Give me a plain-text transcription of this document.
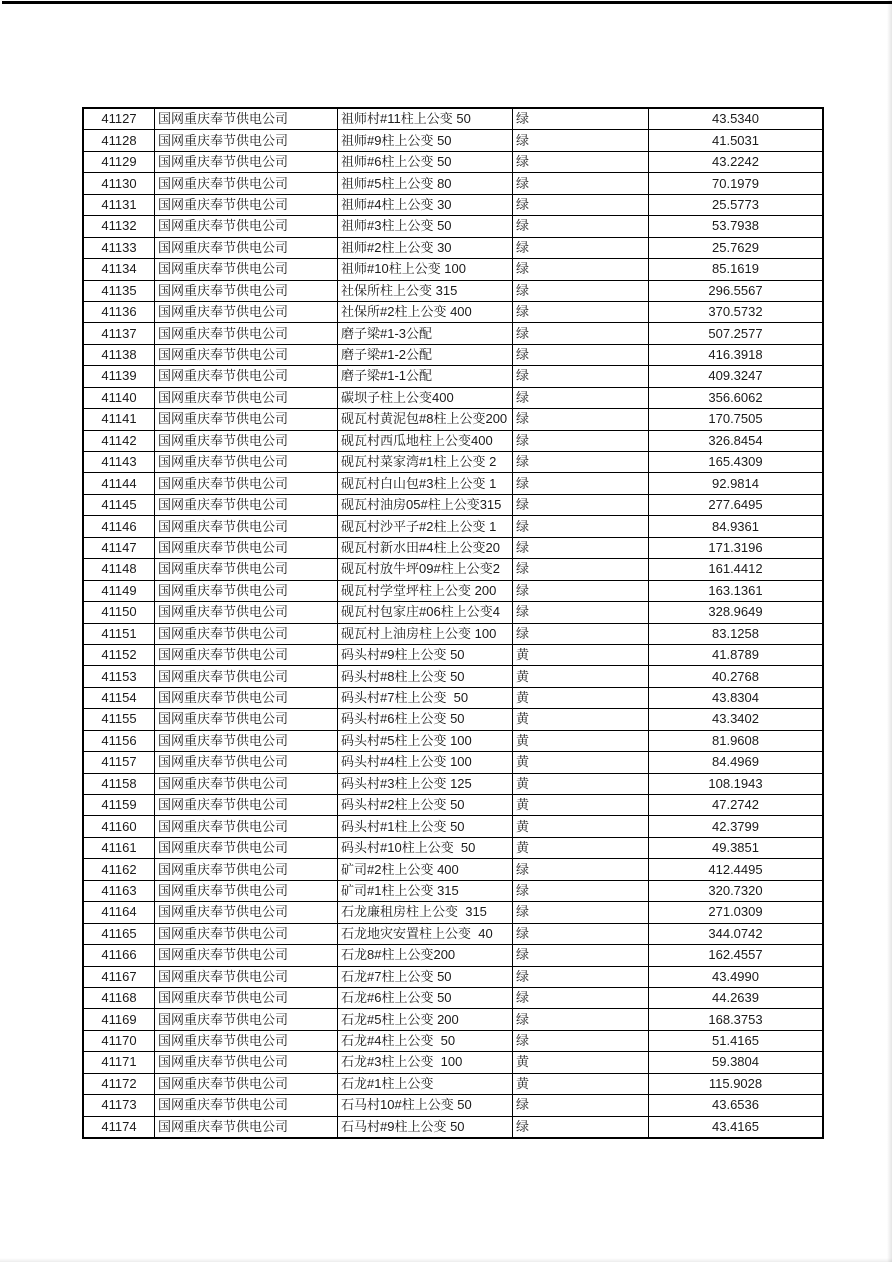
41127	国网重庆奉节供电公司	祖师村#11柱上公变 50	绿	43.5340
41128	国网重庆奉节供电公司	祖师#9柱上公变 50	绿	41.5031
41129	国网重庆奉节供电公司	祖师#6柱上公变 50	绿	43.2242
41130	国网重庆奉节供电公司	祖师#5柱上公变 80	绿	70.1979
41131	国网重庆奉节供电公司	祖师#4柱上公变 30	绿	25.5773
41132	国网重庆奉节供电公司	祖师#3柱上公变 50	绿	53.7938
41133	国网重庆奉节供电公司	祖师#2柱上公变 30	绿	25.7629
41134	国网重庆奉节供电公司	祖师#10柱上公变 100	绿	85.1619
41135	国网重庆奉节供电公司	社保所柱上公变 315	绿	296.5567
41136	国网重庆奉节供电公司	社保所#2柱上公变 400	绿	370.5732
41137	国网重庆奉节供电公司	磨子梁#1-3公配	绿	507.2577
41138	国网重庆奉节供电公司	磨子梁#1-2公配	绿	416.3918
41139	国网重庆奉节供电公司	磨子梁#1-1公配	绿	409.3247
41140	国网重庆奉节供电公司	碳坝子柱上公变400	绿	356.6062
41141	国网重庆奉节供电公司	砚瓦村黄泥包#8柱上公变200	绿	170.7505
41142	国网重庆奉节供电公司	砚瓦村西瓜地柱上公变400	绿	326.8454
41143	国网重庆奉节供电公司	砚瓦村菜家湾#1柱上公变 2	绿	165.4309
41144	国网重庆奉节供电公司	砚瓦村白山包#3柱上公变 1	绿	92.9814
41145	国网重庆奉节供电公司	砚瓦村油房05#柱上公变315	绿	277.6495
41146	国网重庆奉节供电公司	砚瓦村沙平子#2柱上公变 1	绿	84.9361
41147	国网重庆奉节供电公司	砚瓦村新水田#4柱上公变20	绿	171.3196
41148	国网重庆奉节供电公司	砚瓦村放牛坪09#柱上公变2	绿	161.4412
41149	国网重庆奉节供电公司	砚瓦村学堂坪柱上公变 200	绿	163.1361
41150	国网重庆奉节供电公司	砚瓦村包家庄#06柱上公变4	绿	328.9649
41151	国网重庆奉节供电公司	砚瓦村上油房柱上公变 100	绿	83.1258
41152	国网重庆奉节供电公司	码头村#9柱上公变 50	黄	41.8789
41153	国网重庆奉节供电公司	码头村#8柱上公变 50	黄	40.2768
41154	国网重庆奉节供电公司	码头村#7柱上公变  50	黄	43.8304
41155	国网重庆奉节供电公司	码头村#6柱上公变 50	黄	43.3402
41156	国网重庆奉节供电公司	码头村#5柱上公变 100	黄	81.9608
41157	国网重庆奉节供电公司	码头村#4柱上公变 100	黄	84.4969
41158	国网重庆奉节供电公司	码头村#3柱上公变 125	黄	108.1943
41159	国网重庆奉节供电公司	码头村#2柱上公变 50	黄	47.2742
41160	国网重庆奉节供电公司	码头村#1柱上公变 50	黄	42.3799
41161	国网重庆奉节供电公司	码头村#10柱上公变  50	黄	49.3851
41162	国网重庆奉节供电公司	矿司#2柱上公变 400	绿	412.4495
41163	国网重庆奉节供电公司	矿司#1柱上公变 315	绿	320.7320
41164	国网重庆奉节供电公司	石龙廉租房柱上公变  315	绿	271.0309
41165	国网重庆奉节供电公司	石龙地灾安置柱上公变  40	绿	344.0742
41166	国网重庆奉节供电公司	石龙8#柱上公变200	绿	162.4557
41167	国网重庆奉节供电公司	石龙#7柱上公变 50	绿	43.4990
41168	国网重庆奉节供电公司	石龙#6柱上公变 50	绿	44.2639
41169	国网重庆奉节供电公司	石龙#5柱上公变 200	绿	168.3753
41170	国网重庆奉节供电公司	石龙#4柱上公变  50	绿	51.4165
41171	国网重庆奉节供电公司	石龙#3柱上公变  100	黄	59.3804
41172	国网重庆奉节供电公司	石龙#1柱上公变	黄	115.9028
41173	国网重庆奉节供电公司	石马村10#柱上公变 50	绿	43.6536
41174	国网重庆奉节供电公司	石马村#9柱上公变 50	绿	43.4165
